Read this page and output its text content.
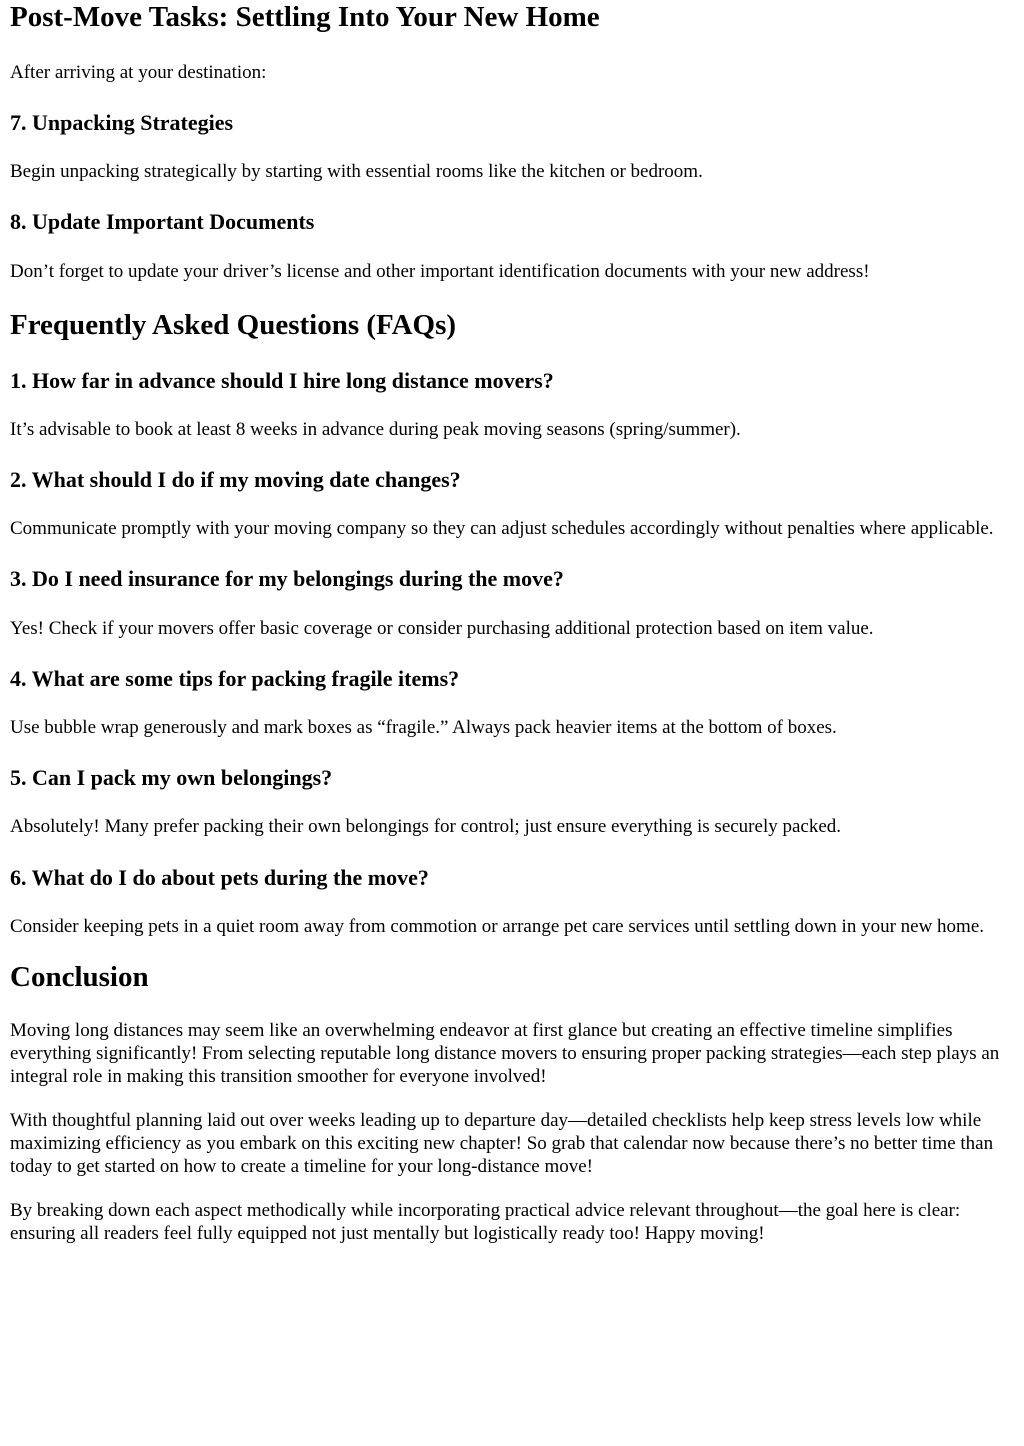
Post-Move Tasks: Settling Into Your New Home

After arriving at your destination:

7. Unpacking Strategies

Begin unpacking strategically by starting with essential rooms like the kitchen or bedroom.

8. Update Important Documents

Don’t forget to update your driver’s license and other important identification documents with your new address!

Frequently Asked Questions (FAQs)
1. How far in advance should I hire long distance movers?

It’s advisable to book at least 8 weeks in advance during peak moving seasons (spring/summer).

2. What should I do if my moving date changes?

Communicate promptly with your moving company so they can adjust schedules accordingly without penalties where applicable.

3. Do I need insurance for my belongings during the move?

Yes! Check if your movers offer basic coverage or consider purchasing additional protection based on item value.

4. What are some tips for packing fragile items?

Use bubble wrap generously and mark boxes as “fragile.” Always pack heavier items at the bottom of boxes.

5. Can I pack my own belongings?

Absolutely! Many prefer packing their own belongings for control; just ensure everything is securely packed.

6. What do I do about pets during the move?

Consider keeping pets in a quiet room away from commotion or arrange pet care services until settling down in your new home.

Conclusion

Moving long distances may seem like an overwhelming endeavor at first glance but creating an effective timeline simplifies everything significantly! From selecting reputable long distance movers to ensuring proper packing strategies—each step plays an integral role in making this transition smoother for everyone involved!

With thoughtful planning laid out over weeks leading up to departure day—detailed checklists help keep stress levels low while maximizing efficiency as you embark on this exciting new chapter! So grab that calendar now because there’s no better time than today to get started on how to create a timeline for your long-distance move!

By breaking down each aspect methodically while incorporating practical advice relevant throughout—the goal here is clear: ensuring all readers feel fully equipped not just mentally but logistically ready too! Happy moving!
